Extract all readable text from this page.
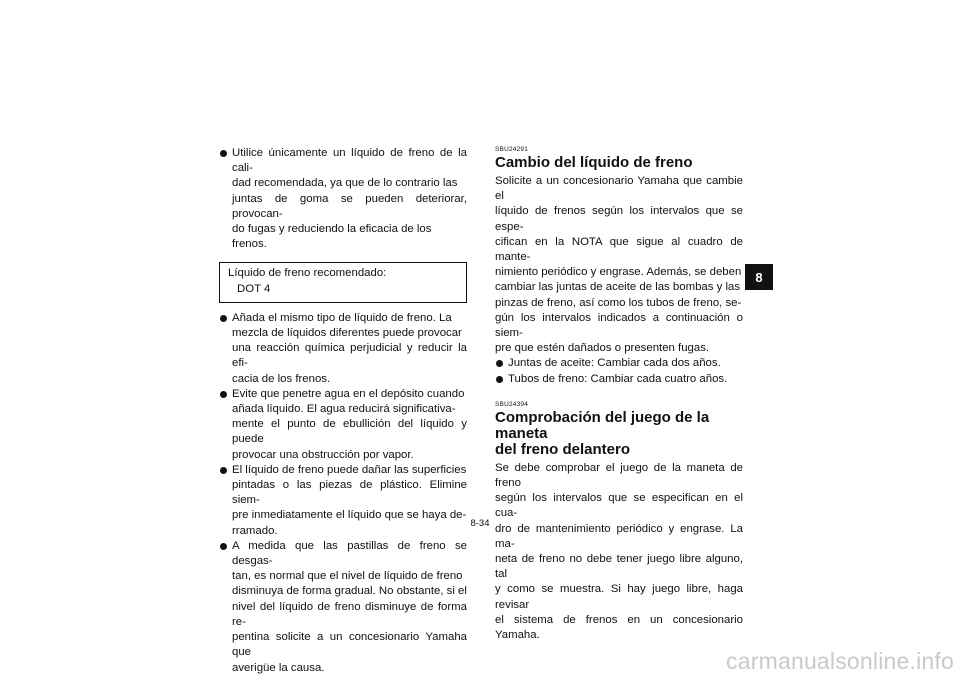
Utilice únicamente un líquido de freno de la cali-
dad recomendada, ya que de lo contrario las
juntas de goma se pueden deteriorar, provocan-
do fugas y reduciendo la eficacia de los frenos.
Líquido de freno recomendado:
DOT 4
Añada el mismo tipo de líquido de freno. La
mezcla de líquidos diferentes puede provocar
una reacción química perjudicial y reducir la efi-
cacia de los frenos.
Evite que penetre agua en el depósito cuando
añada líquido. El agua reducirá significativa-
mente el punto de ebullición del líquido y puede
provocar una obstrucción por vapor.
El líquido de freno puede dañar las superficies
pintadas o las piezas de plástico. Elimine siem-
pre inmediatamente el líquido que se haya de-
rramado.
A medida que las pastillas de freno se desgas-
tan, es normal que el nivel de líquido de freno
disminuya de forma gradual. No obstante, si el
nivel del líquido de freno disminuye de forma re-
pentina solicite a un concesionario Yamaha que
averigüe la causa.
SBU24291
Cambio del líquido de freno
Solicite a un concesionario Yamaha que cambie el
líquido de frenos según los intervalos que se espe-
cifican en la NOTA que sigue al cuadro de mante-
nimiento periódico y engrase. Además, se deben
cambiar las juntas de aceite de las bombas y las
pinzas de freno, así como los tubos de freno, se-
gún los intervalos indicados a continuación o siem-
pre que estén dañados o presenten fugas.
Juntas de aceite: Cambiar cada dos años.
Tubos de freno: Cambiar cada cuatro años.
SBU24394
Comprobación del juego de la maneta
del freno delantero
Se debe comprobar el juego de la maneta de freno
según los intervalos que se especifican en el cua-
dro de mantenimiento periódico y engrase. La ma-
neta de freno no debe tener juego libre alguno, tal
y como se muestra. Si hay juego libre, haga revisar
el sistema de frenos en un concesionario Yamaha.
8-34
8
carmanualsonline.info
